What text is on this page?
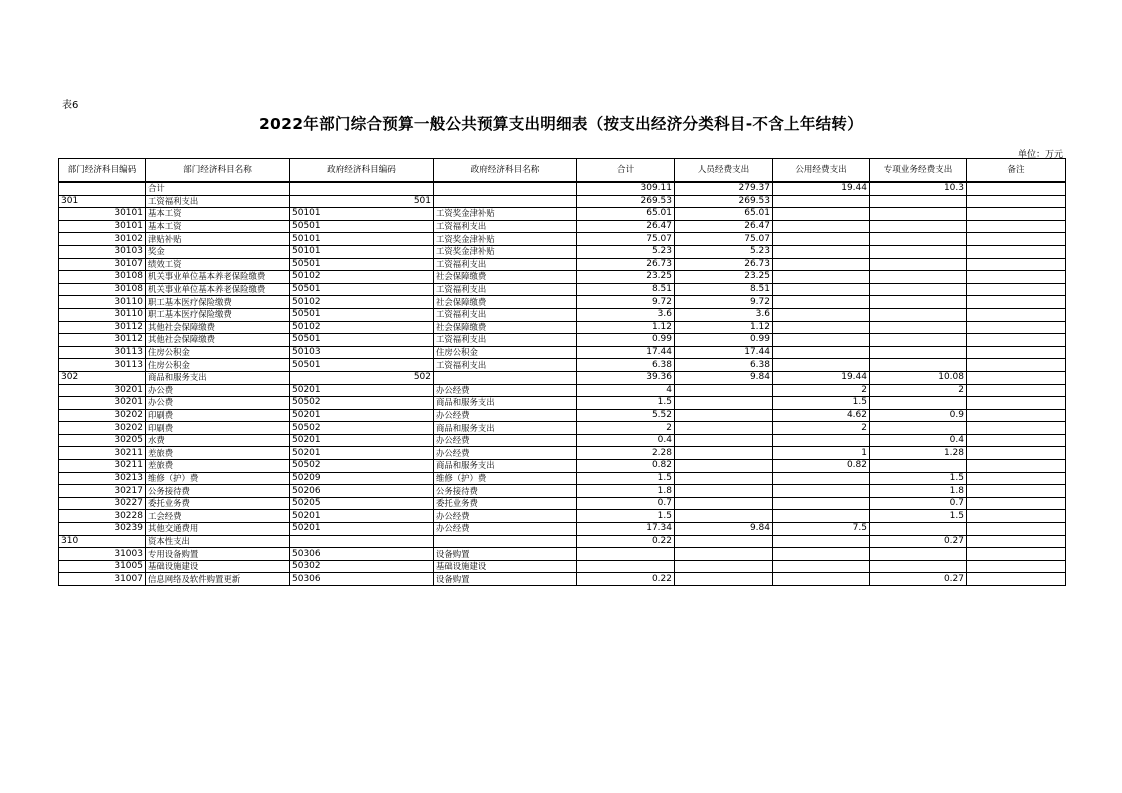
表6
2022年部门综合预算一般公共预算支出明细表（按支出经济分类科目-不含上年结转）
单位：万元
部门经济科目编码	部门经济科目名称	政府经济科目编码	政府经济科目名称	合计	人员经费支出	公用经费支出	专项业务经费支出	备注
	合计			309.11	279.37	19.44	10.3	
301	工资福利支出	501		269.53	269.53			
30101	基本工资	50101	工资奖金津补贴	65.01	65.01			
30101	基本工资	50501	工资福利支出	26.47	26.47			
30102	津贴补贴	50101	工资奖金津补贴	75.07	75.07			
30103	奖金	50101	工资奖金津补贴	5.23	5.23			
30107	绩效工资	50501	工资福利支出	26.73	26.73			
30108	机关事业单位基本养老保险缴费	50102	社会保障缴费	23.25	23.25			
30108	机关事业单位基本养老保险缴费	50501	工资福利支出	8.51	8.51			
30110	职工基本医疗保险缴费	50102	社会保障缴费	9.72	9.72			
30110	职工基本医疗保险缴费	50501	工资福利支出	3.6	3.6			
30112	其他社会保障缴费	50102	社会保障缴费	1.12	1.12			
30112	其他社会保障缴费	50501	工资福利支出	0.99	0.99			
30113	住房公积金	50103	住房公积金	17.44	17.44			
30113	住房公积金	50501	工资福利支出	6.38	6.38			
302	商品和服务支出	502		39.36	9.84	19.44	10.08	
30201	办公费	50201	办公经费	4		2	2	
30201	办公费	50502	商品和服务支出	1.5		1.5		
30202	印刷费	50201	办公经费	5.52		4.62	0.9	
30202	印刷费	50502	商品和服务支出	2		2		
30205	水费	50201	办公经费	0.4			0.4	
30211	差旅费	50201	办公经费	2.28		1	1.28	
30211	差旅费	50502	商品和服务支出	0.82		0.82		
30213	维修（护）费	50209	维修（护）费	1.5			1.5	
30217	公务接待费	50206	公务接待费	1.8			1.8	
30227	委托业务费	50205	委托业务费	0.7			0.7	
30228	工会经费	50201	办公经费	1.5			1.5	
30239	其他交通费用	50201	办公经费	17.34	9.84	7.5		
310	资本性支出			0.22			0.27	
31003	专用设备购置	50306	设备购置					
31005	基础设施建设	50302	基础设施建设					
31007	信息网络及软件购置更新	50306	设备购置	0.22			0.27	
